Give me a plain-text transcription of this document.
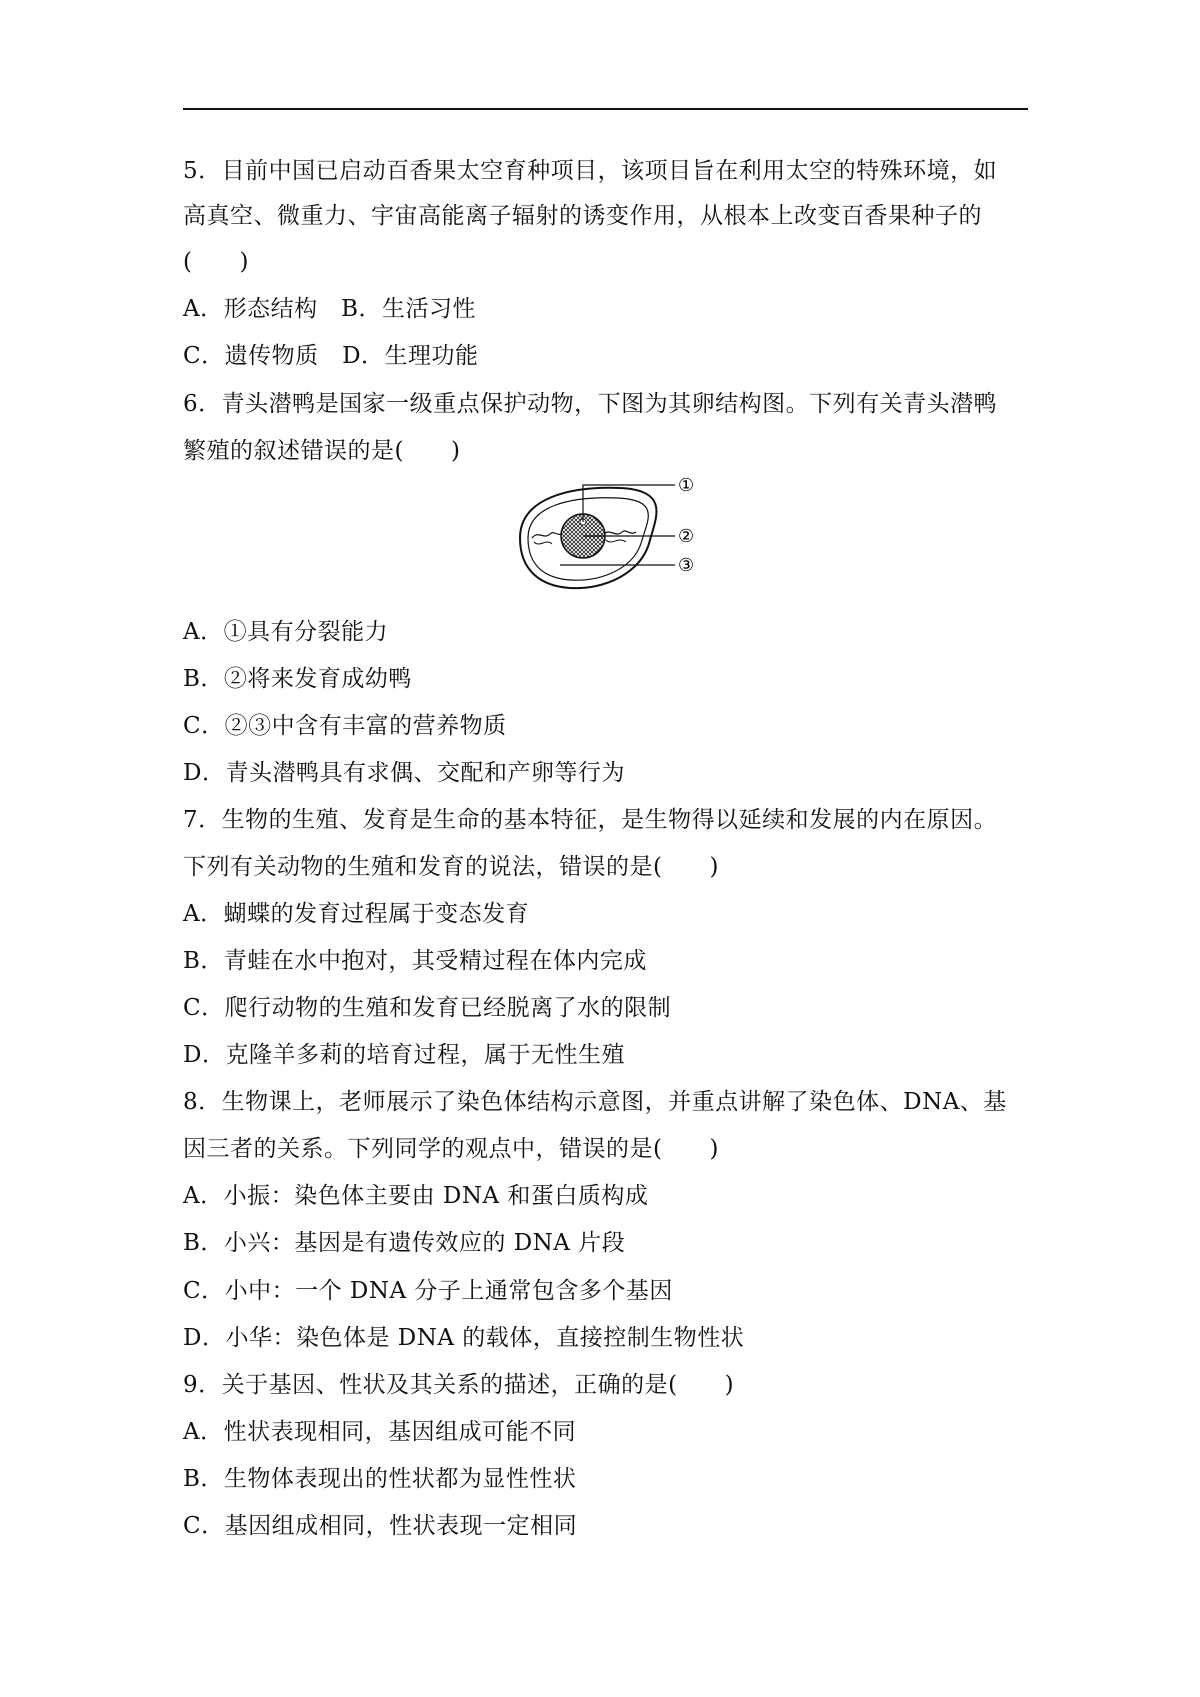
5．目前中国已启动百香果太空育种项目，该项目旨在利用太空的特殊环境，如
高真空、微重力、宇宙高能离子辐射的诱变作用，从根本上改变百香果种子的
(　　)
A．形态结构　B．生活习性
C．遗传物质　D．生理功能
6．青头潜鸭是国家一级重点保护动物，下图为其卵结构图。下列有关青头潜鸭
繁殖的叙述错误的是(　　)
①
②
③
A．①具有分裂能力
B．②将来发育成幼鸭
C．②③中含有丰富的营养物质
D．青头潜鸭具有求偶、交配和产卵等行为
7．生物的生殖、发育是生命的基本特征，是生物得以延续和发展的内在原因。
下列有关动物的生殖和发育的说法，错误的是(　　)
A．蝴蝶的发育过程属于变态发育
B．青蛙在水中抱对，其受精过程在体内完成
C．爬行动物的生殖和发育已经脱离了水的限制
D．克隆羊多莉的培育过程，属于无性生殖
8．生物课上，老师展示了染色体结构示意图，并重点讲解了染色体、DNA、基
因三者的关系。下列同学的观点中，错误的是(　　)
A．小振：染色体主要由 DNA 和蛋白质构成
B．小兴：基因是有遗传效应的 DNA 片段
C．小中：一个 DNA 分子上通常包含多个基因
D．小华：染色体是 DNA 的载体，直接控制生物性状
9．关于基因、性状及其关系的描述，正确的是(　　)
A．性状表现相同，基因组成可能不同
B．生物体表现出的性状都为显性性状
C．基因组成相同，性状表现一定相同
